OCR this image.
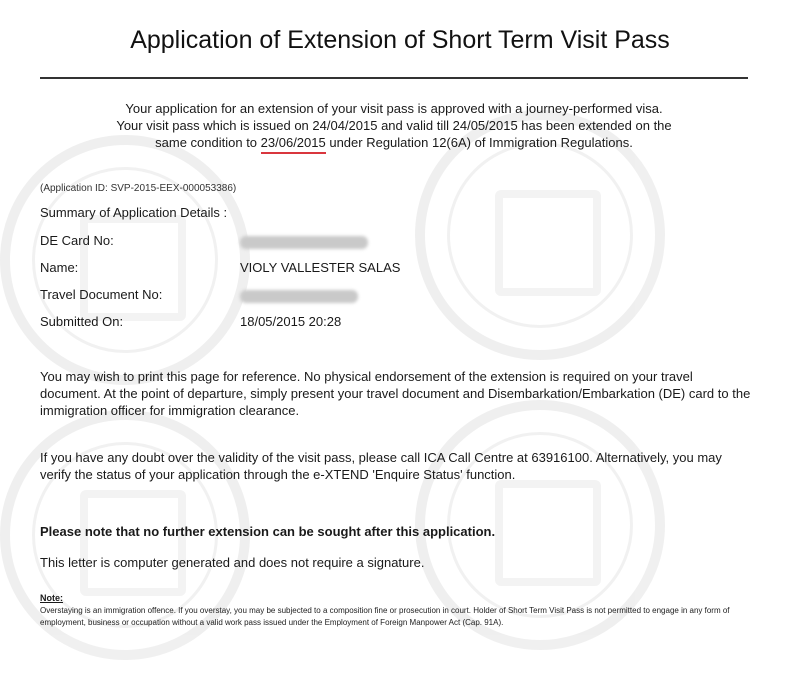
Application of Extension of Short Term Visit Pass

Your application for an extension of your visit pass is approved with a journey-performed visa.

Your visit pass which is issued on 24/04/2015 and valid till 24/05/2015 has been extended on the

same condition to 23/06/2015
under Regulation 12(6A) of Immigration Regulations.

(Application ID: SVP-2015-EEX-000053386)
Summary of Application Details :
DE Card No:
Name:	VIOLY VALLESTER SALAS
Travel Document No:
Submitted On:	18/05/2015 20:28

You may wish to print this page for reference. No physical endorsement of the extension is required on your travel document. At the point of departure, simply present your travel document and Disembarkation/Embarkation (DE) card to the immigration officer for immigration clearance.

If you have any doubt over the validity of the visit pass, please call ICA Call Centre at 63916100. Alternatively, you may verify the status of your application through the e-XTEND 'Enquire Status' function.

Please note that no further extension can be sought after this application.

This letter is computer generated and does not require a signature.

Note:

Overstaying is an immigration offence. If you overstay, you may be subjected to a composition fine or prosecution in court. Holder of Short Term Visit Pass is not permitted to engage in any form of employment, business or occupation without a valid work pass issued under the Employment of Foreign Manpower Act (Cap. 91A).
